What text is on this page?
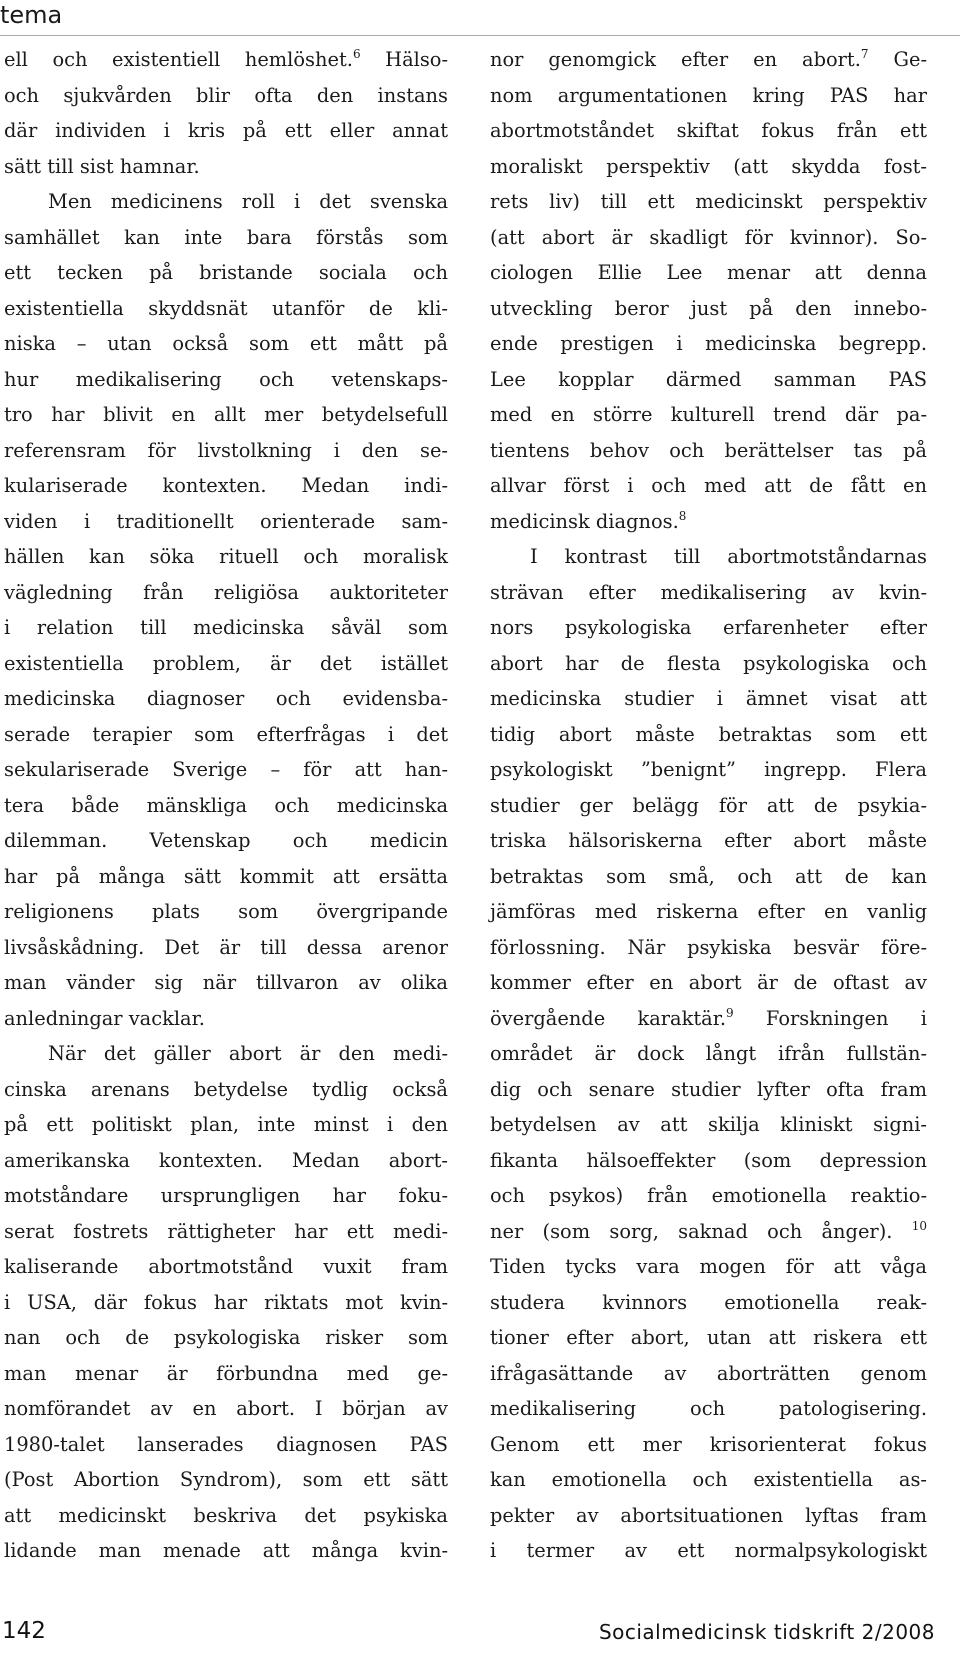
tema
ell och existentiell hemlöshet.$^6$ Hälso-
och sjukvården blir ofta den instans
där individen i kris på ett eller annat
sätt till sist hamnar.
Men medicinens roll i det svenska
samhället kan inte bara förstås som
ett tecken på bristande sociala och
existentiella skyddsnät utanför de kli-
niska – utan också som ett mått på
hur medikalisering och vetenskaps-
tro har blivit en allt mer betydelsefull
referensram för livstolkning i den se-
kulariserade kontexten. Medan indi-
viden i traditionellt orienterade sam-
hällen kan söka rituell och moralisk
vägledning från religiösa auktoriteter
i relation till medicinska såväl som
existentiella problem, är det istället
medicinska diagnoser och evidensba-
serade terapier som efterfrågas i det
sekulariserade Sverige – för att han-
tera både mänskliga och medicinska
dilemman. Vetenskap och medicin
har på många sätt kommit att ersätta
religionens plats som övergripande
livsåskådning. Det är till dessa arenor
man vänder sig när tillvaron av olika
anledningar vacklar.
När det gäller abort är den medi-
cinska arenans betydelse tydlig också
på ett politiskt plan, inte minst i den
amerikanska kontexten. Medan abort-
motståndare ursprungligen har foku-
serat fostrets rättigheter har ett medi-
kaliserande abortmotstånd vuxit fram
i USA, där fokus har riktats mot kvin-
nan och de psykologiska risker som
man menar är förbundna med ge-
nomförandet av en abort. I början av
1980-talet lanserades diagnosen PAS
(Post Abortion Syndrom), som ett sätt
att medicinskt beskriva det psykiska
lidande man menade att många kvin-
nor genomgick efter en abort.$^7$ Ge-
nom argumentationen kring PAS har
abortmotståndet skiftat fokus från ett
moraliskt perspektiv (att skydda fost-
rets liv) till ett medicinskt perspektiv
(att abort är skadligt för kvinnor). So-
ciologen Ellie Lee menar att denna
utveckling beror just på den innebo-
ende prestigen i medicinska begrepp.
Lee kopplar därmed samman PAS
med en större kulturell trend där pa-
tientens behov och berättelser tas på
allvar först i och med att de fått en
medicinsk diagnos.$^8$
I kontrast till abortmotståndarnas
strävan efter medikalisering av kvin-
nors psykologiska erfarenheter efter
abort har de flesta psykologiska och
medicinska studier i ämnet visat att
tidig abort måste betraktas som ett
psykologiskt ”benignt” ingrepp. Flera
studier ger belägg för att de psykia-
triska hälsoriskerna efter abort måste
betraktas som små, och att de kan
jämföras med riskerna efter en vanlig
förlossning. När psykiska besvär före-
kommer efter en abort är de oftast av
övergående karaktär.$^9$ Forskningen i
området är dock långt ifrån fullstän-
dig och senare studier lyfter ofta fram
betydelsen av att skilja kliniskt signi-
fikanta hälsoeffekter (som depression
och psykos) från emotionella reaktio-
ner (som sorg, saknad och ånger). $^{10}$
Tiden tycks vara mogen för att våga
studera kvinnors emotionella reak-
tioner efter abort, utan att riskera ett
ifrågasättande av aborträtten genom
medikalisering och patologisering.
Genom ett mer krisorienterat fokus
kan emotionella och existentiella as-
pekter av abortsituationen lyftas fram
i termer av ett normalpsykologiskt
142	Socialmedicinsk tidskrift 2/2008
